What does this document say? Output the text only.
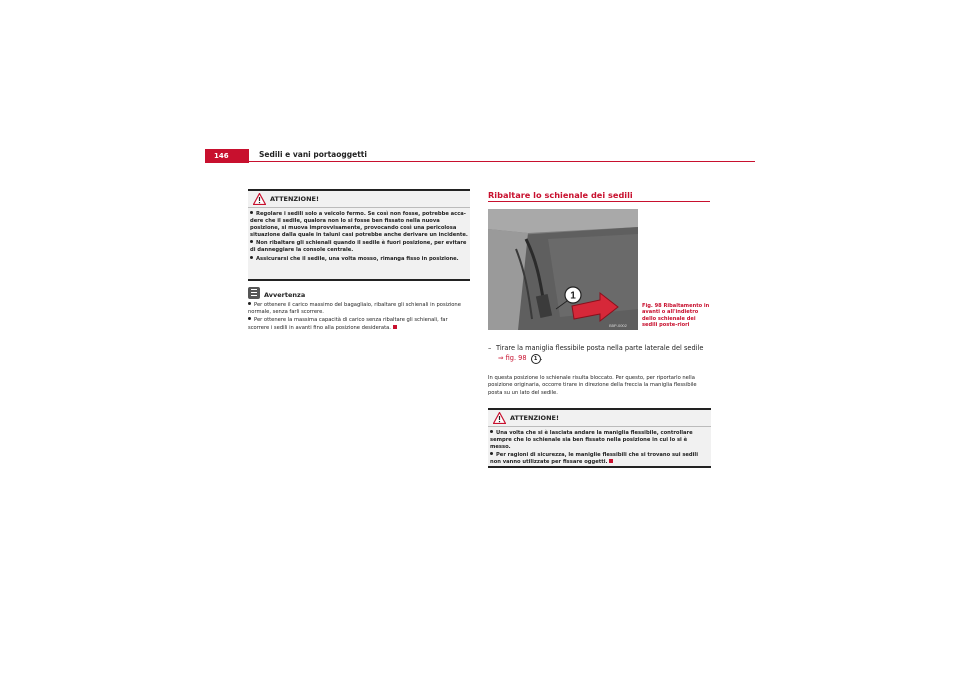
146	Sedili e vani portaoggetti
ATTENZIONE!

Regolare i sedili solo a veicolo fermo. Se così non fosse, potrebbe acca-dere che il sedile, qualora non lo si fosse ben fissato nella nuova posizione, si muova improvvisamente, provocando così una pericolosa situazione dalla quale in taluni casi potrebbe anche derivare un incidente.

Non ribaltare gli schienali quando il sedile è fuori posizione, per evitare di danneggiare la console centrale.

Assicurarsi che il sedile, una volta mosso, rimanga fisso in posizione.

Avvertenza

Per ottenere il carico massimo del bagagliaio, ribaltare gli schienali in posizione normale, senza farli scorrere.

Per ottenere la massima capacità di carico senza ribaltare gli schienali, far scorrere i sedili in avanti fino alla posizione desiderata.

Ribaltare lo schienale dei sedili
1
B5P-0002
Fig. 98 Ribaltamento in avanti o all'indietro dello schienale dei sedili poste-riori
– Tirare la maniglia flessibile posta nella parte laterale del sedile
⇒ fig. 98 1 .
In questa posizione lo schienale risulta bloccato. Per questo, per riportarlo nella posizione originaria, occorre tirare in direzione della freccia la maniglia flessibile posta su un lato del sedile.
ATTENZIONE!

Una volta che si è lasciata andare la maniglia flessibile, controllare sempre che lo schienale sia ben fissato nella posizione in cui lo si è messo.

Per ragioni di sicurezza, le maniglie flessibili che si trovano sui sedili non vanno utilizzate per fissare oggetti.
